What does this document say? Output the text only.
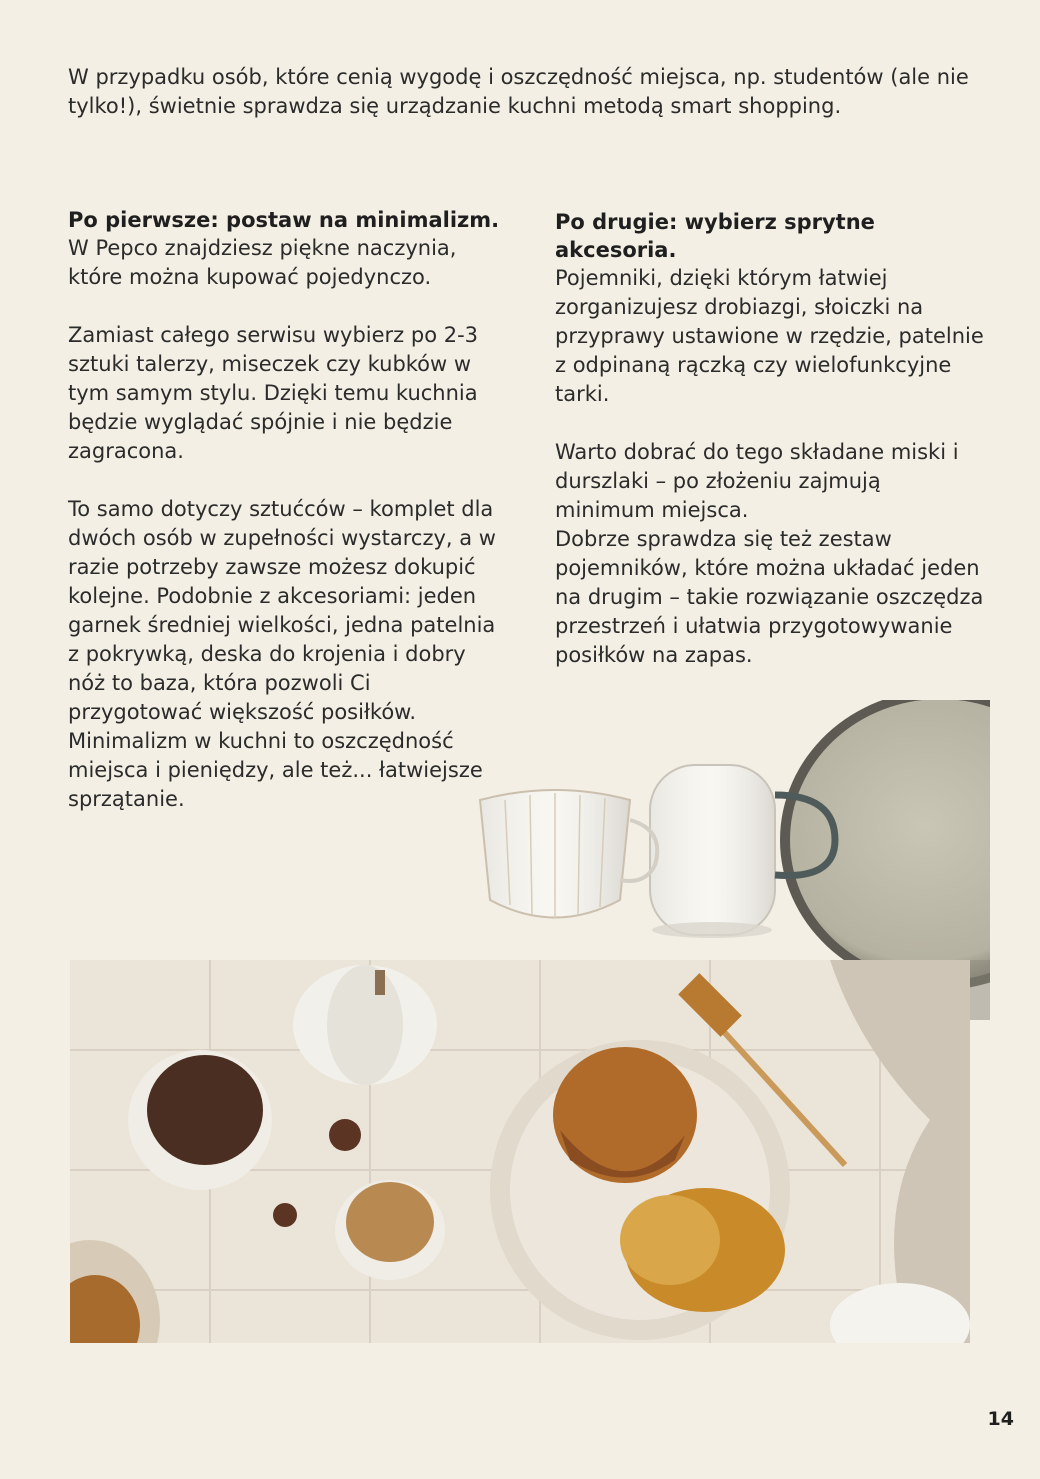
W przypadku osób, które cenią wygodę i oszczędność miejsca, np. studentów (ale nie tylko!), świetnie sprawdza się urządzanie kuchni metodą smart shopping.

Po pierwsze: postaw na minimalizm.

W Pepco znajdziesz piękne naczynia, które można kupować pojedynczo.

Zamiast całego serwisu wybierz po 2-3 sztuki talerzy, miseczek czy kubków w tym samym stylu. Dzięki temu kuchnia będzie wyglądać spójnie i nie będzie zagracona.

To samo dotyczy sztućców – komplet dla dwóch osób w zupełności wystarczy, a w razie potrzeby zawsze możesz dokupić kolejne. Podobnie z akcesoriami: jeden garnek średniej wielkości, jedna patelnia z pokrywką, deska do krojenia i dobry nóż to baza, która pozwoli Ci przygotować większość posiłków. Minimalizm w kuchni to oszczędność miejsca i pieniędzy, ale też... łatwiejsze sprzątanie.

Po drugie: wybierz sprytne akcesoria.

Pojemniki, dzięki którym łatwiej zorganizujesz drobiazgi, słoiczki na przyprawy ustawione w rzędzie, patelnie z odpinaną rączką czy wielofunkcyjne tarki.

Warto dobrać do tego składane miski i durszlaki – po złożeniu zajmują minimum miejsca.

Dobrze sprawdza się też zestaw pojemników, które można układać jeden na drugim – takie rozwiązanie oszczędza przestrzeń i ułatwia przygotowywanie posiłków na zapas.

14
